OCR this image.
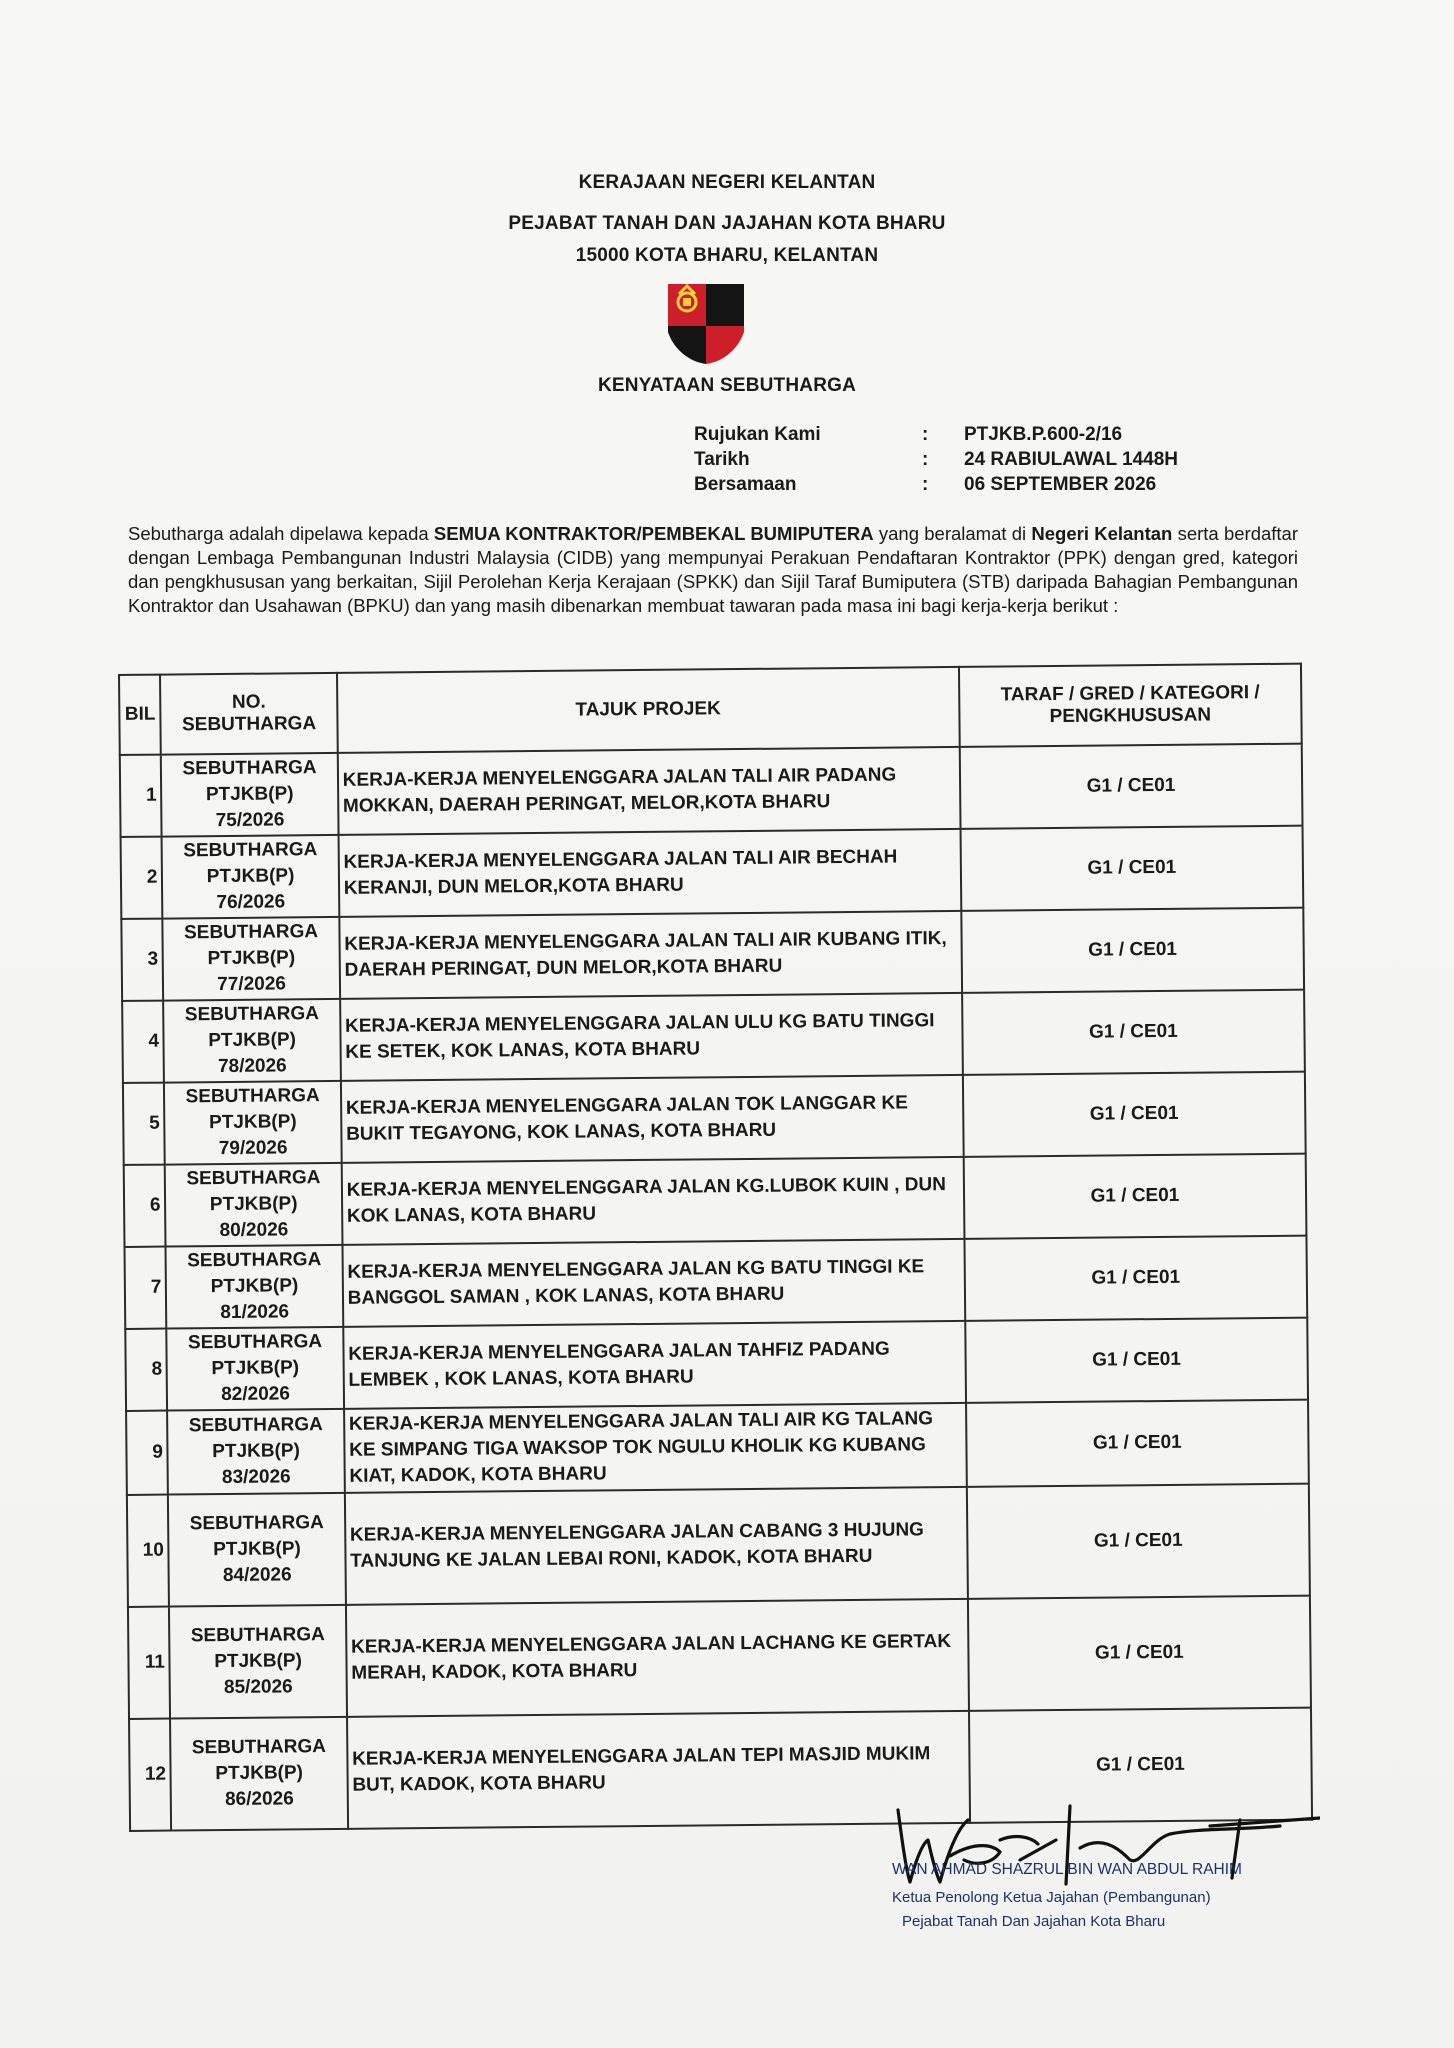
KERAJAAN NEGERI KELANTAN
PEJABAT TANAH DAN JAJAHAN KOTA BHARU
15000 KOTA BHARU, KELANTAN
KENYATAAN SEBUTHARGA
Rujukan Kami	: PTJKB.P.600-2/16
Tarikh	: 24 RABIULAWAL 1448H
Bersamaan	: 06 SEPTEMBER 2026
Sebutharga adalah dipelawa kepada SEMUA KONTRAKTOR/PEMBEKAL BUMIPUTERA yang beralamat di Negeri Kelantan serta berdaftar dengan Lembaga Pembangunan Industri Malaysia (CIDB) yang mempunyai Perakuan Pendaftaran Kontraktor (PPK) dengan gred, kategori dan pengkhususan yang berkaitan, Sijil Perolehan Kerja Kerajaan (SPKK) dan Sijil Taraf Bumiputera (STB) daripada Bahagian Pembangunan Kontraktor dan Usahawan (BPKU) dan yang masih dibenarkan membuat tawaran pada masa ini bagi kerja-kerja berikut :
BIL	NO. SEBUTHARGA	TAJUK PROJEK	TARAF / GRED / KATEGORI / PENGKHUSUSAN
1	SEBUTHARGA
PTJKB(P)
75/2026	KERJA-KERJA MENYELENGGARA JALAN TALI AIR PADANG MOKKAN, DAERAH PERINGAT, MELOR,KOTA BHARU	G1 / CE01
2	SEBUTHARGA
PTJKB(P)
76/2026	KERJA-KERJA MENYELENGGARA JALAN TALI AIR BECHAH KERANJI, DUN MELOR,KOTA BHARU	G1 / CE01
3	SEBUTHARGA
PTJKB(P)
77/2026	KERJA-KERJA MENYELENGGARA JALAN TALI AIR KUBANG ITIK, DAERAH PERINGAT, DUN MELOR,KOTA BHARU	G1 / CE01
4	SEBUTHARGA
PTJKB(P)
78/2026	KERJA-KERJA MENYELENGGARA JALAN ULU KG BATU TINGGI KE SETEK, KOK LANAS, KOTA BHARU	G1 / CE01
5	SEBUTHARGA
PTJKB(P)
79/2026	KERJA-KERJA MENYELENGGARA JALAN TOK LANGGAR KE BUKIT TEGAYONG, KOK LANAS, KOTA BHARU	G1 / CE01
6	SEBUTHARGA
PTJKB(P)
80/2026	KERJA-KERJA MENYELENGGARA JALAN KG.LUBOK KUIN , DUN KOK LANAS, KOTA BHARU	G1 / CE01
7	SEBUTHARGA
PTJKB(P)
81/2026	KERJA-KERJA MENYELENGGARA JALAN KG BATU TINGGI KE BANGGOL SAMAN , KOK LANAS, KOTA BHARU	G1 / CE01
8	SEBUTHARGA
PTJKB(P)
82/2026	KERJA-KERJA MENYELENGGARA JALAN TAHFIZ PADANG LEMBEK , KOK LANAS, KOTA BHARU	G1 / CE01
9	SEBUTHARGA
PTJKB(P)
83/2026	KERJA-KERJA MENYELENGGARA JALAN TALI AIR KG TALANG KE SIMPANG TIGA WAKSOP TOK NGULU KHOLIK KG KUBANG KIAT, KADOK, KOTA BHARU	G1 / CE01
10	SEBUTHARGA
PTJKB(P)
84/2026	KERJA-KERJA MENYELENGGARA JALAN CABANG 3 HUJUNG TANJUNG KE JALAN LEBAI RONI, KADOK, KOTA BHARU	G1 / CE01
11	SEBUTHARGA
PTJKB(P)
85/2026	KERJA-KERJA MENYELENGGARA JALAN LACHANG KE GERTAK MERAH, KADOK, KOTA BHARU	G1 / CE01
12	SEBUTHARGA
PTJKB(P)
86/2026	KERJA-KERJA MENYELENGGARA JALAN TEPI MASJID MUKIM BUT, KADOK, KOTA BHARU	G1 / CE01
WAN AHMAD SHAZRUL BIN WAN ABDUL RAHIM
Ketua Penolong Ketua Jajahan (Pembangunan)
Pejabat Tanah Dan Jajahan Kota Bharu
